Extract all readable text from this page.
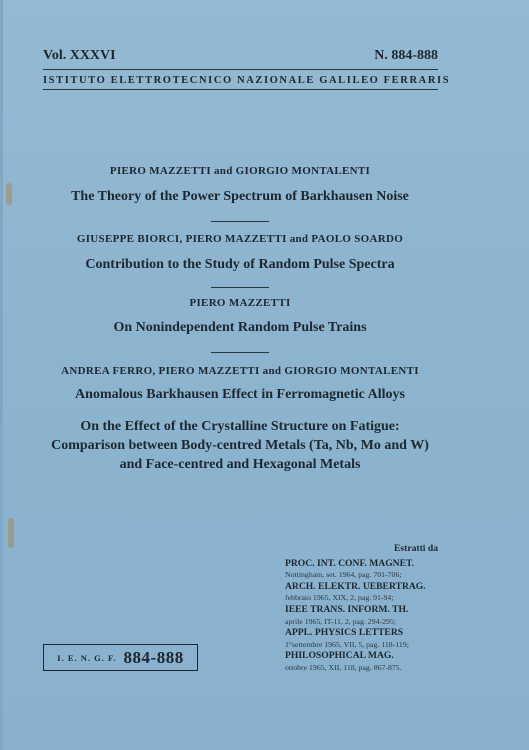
Vol. XXXVI	N. 884-888
ISTITUTO ELETTROTECNICO NAZIONALE GALILEO FERRARIS
PIERO MAZZETTI and GIORGIO MONTALENTI
The Theory of the Power Spectrum of Barkhausen Noise
GIUSEPPE BIORCI, PIERO MAZZETTI and PAOLO SOARDO
Contribution to the Study of Random Pulse Spectra
PIERO MAZZETTI
On Nonindependent Random Pulse Trains
ANDREA FERRO, PIERO MAZZETTI and GIORGIO MONTALENTI
Anomalous Barkhausen Effect in Ferromagnetic Alloys
On the Effect of the Crystalline Structure on Fatigue:
Comparison between Body-centred Metals (Ta, Nb, Mo and W)
and Face-centred and Hexagonal Metals
Estratti da
PROC. INT. CONF. MAGNET.
Nottingham, set. 1964, pag. 701-706;
ARCH. ELEKTR. UEBERTRAG.
febbraio 1965, XIX, 2, pag. 91-94;
IEEE TRANS. INFORM. TH.
aprile 1965, IT-11, 2, pag. 294-295;
APPL. PHYSICS LETTERS
1°settembre 1965, VII, 5, pag. 118-119;
PHILOSOPHICAL MAG.
ottobre 1965, XII, 118, pag. 867-875.
I. E. N. G. F. 884-888
